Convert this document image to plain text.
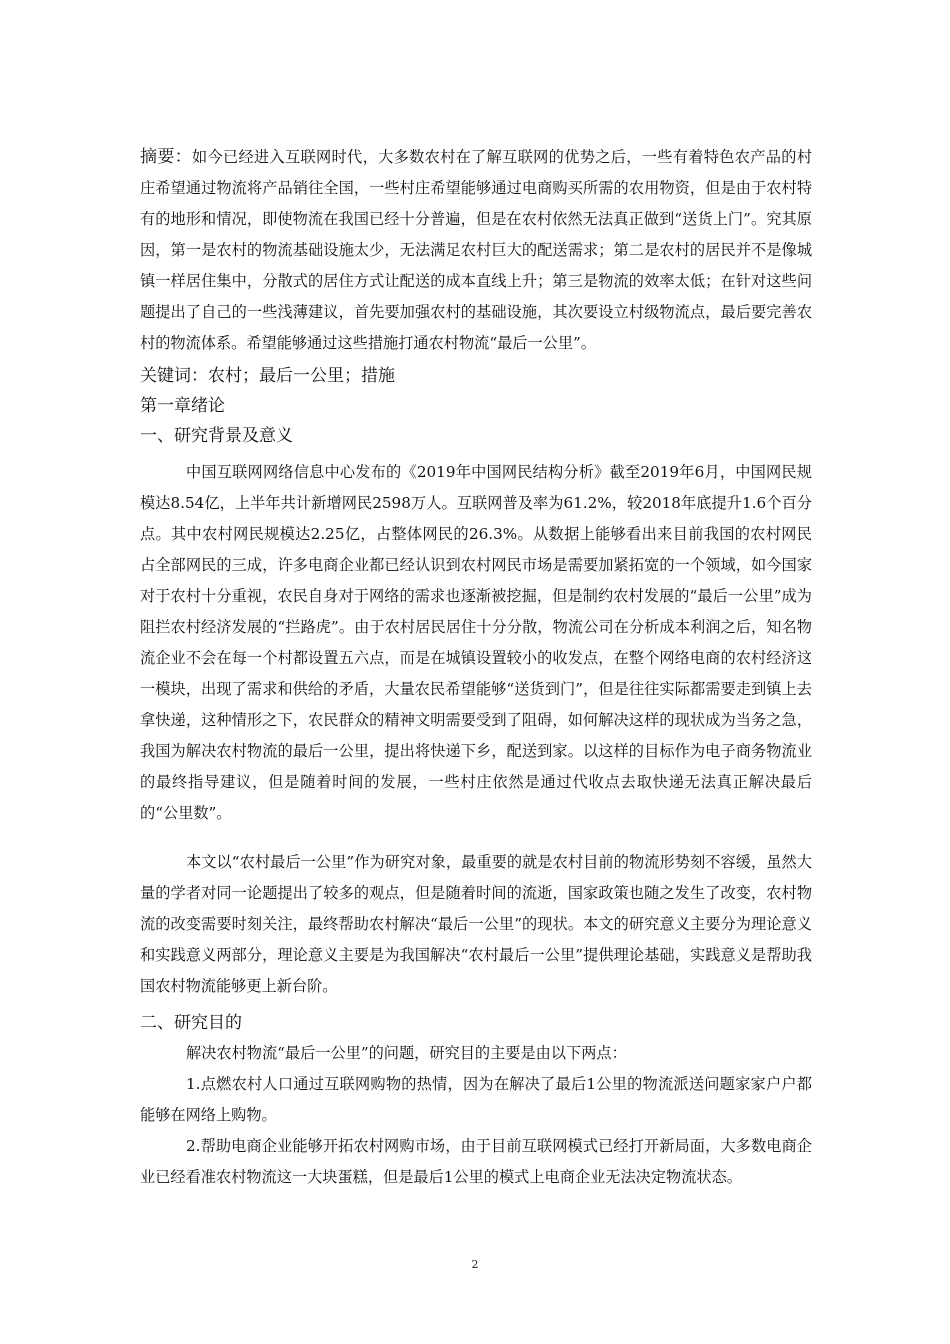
摘要：如今已经进入互联网时代，大多数农村在了解互联网的优势之后，一些有着特色农产品的村庄希望通过物流将产品销往全国，一些村庄希望能够通过电商购买所需的农用物资，但是由于农村特有的地形和情况，即使物流在我国已经十分普遍，但是在农村依然无法真正做到“送货上门”。究其原因，第一是农村的物流基础设施太少，无法满足农村巨大的配送需求；第二是农村的居民并不是像城镇一样居住集中，分散式的居住方式让配送的成本直线上升；第三是物流的效率太低；在针对这些问题提出了自己的一些浅薄建议，首先要加强农村的基础设施，其次要设立村级物流点，最后要完善农村的物流体系。希望能够通过这些措施打通农村物流“最后一公里”。

关键词：农村；最后一公里；措施

第一章绪论

一、研究背景及意义

中国互联网网络信息中心发布的《2019年中国网民结构分析》截至2019年6月，中国网民规模达8.54亿，上半年共计新增网民2598万人。互联网普及率为61.2%，较2018年底提升1.6个百分点。其中农村网民规模达2.25亿，占整体网民的26.3%。从数据上能够看出来目前我国的农村网民占全部网民的三成，许多电商企业都已经认识到农村网民市场是需要加紧拓宽的一个领域，如今国家对于农村十分重视，农民自身对于网络的需求也逐渐被挖掘，但是制约农村发展的“最后一公里”成为阻拦农村经济发展的“拦路虎”。由于农村居民居住十分分散，物流公司在分析成本利润之后，知名物流企业不会在每一个村都设置五六点，而是在城镇设置较小的收发点，在整个网络电商的农村经济这一模块，出现了需求和供给的矛盾，大量农民希望能够“送货到门”，但是往往实际都需要走到镇上去拿快递，这种情形之下，农民群众的精神文明需要受到了阻碍，如何解决这样的现状成为当务之急，我国为解决农村物流的最后一公里，提出将快递下乡，配送到家。以这样的目标作为电子商务物流业的最终指导建议，但是随着时间的发展，一些村庄依然是通过代收点去取快递无法真正解决最后的“公里数”。

本文以“农村最后一公里”作为研究对象，最重要的就是农村目前的物流形势刻不容缓，虽然大量的学者对同一论题提出了较多的观点，但是随着时间的流逝，国家政策也随之发生了改变，农村物流的改变需要时刻关注，最终帮助农村解决“最后一公里”的现状。本文的研究意义主要分为理论意义和实践意义两部分，理论意义主要是为我国解决“农村最后一公里”提供理论基础，实践意义是帮助我国农村物流能够更上新台阶。

二、研究目的

解决农村物流“最后一公里”的问题，研究目的主要是由以下两点：

1.点燃农村人口通过互联网购物的热情，因为在解决了最后1公里的物流派送问题家家户户都能够在网络上购物。

2.帮助电商企业能够开拓农村网购市场，由于目前互联网模式已经打开新局面，大多数电商企业已经看准农村物流这一大块蛋糕，但是最后1公里的模式上电商企业无法决定物流状态。

2
